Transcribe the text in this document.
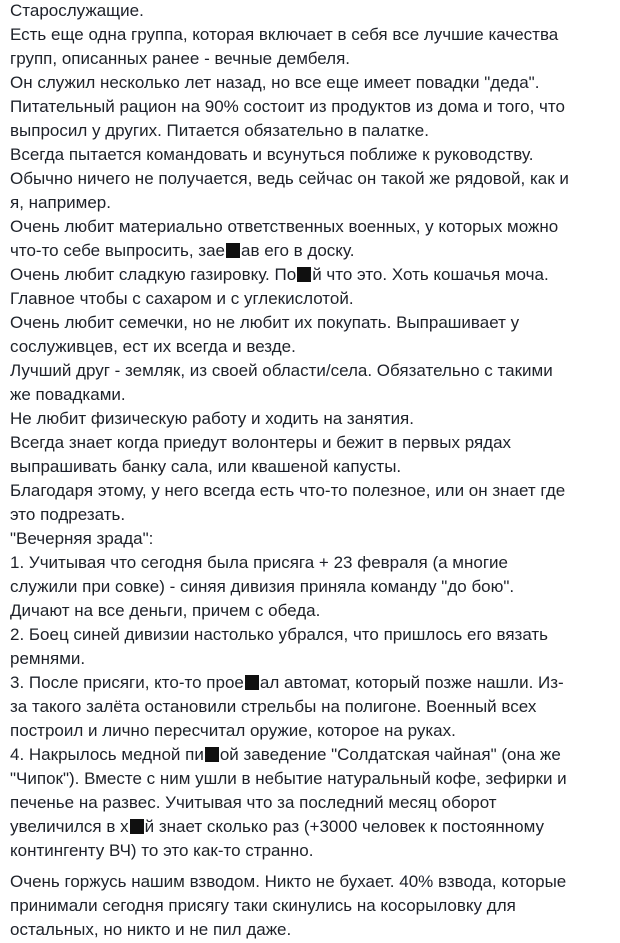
Старослужащие.
Есть еще одна группа, которая включает в себя все лучшие качества
групп, описанных ранее - вечные дембеля.
Он служил несколько лет назад, но все еще имеет повадки "деда".
Питательный рацион на 90% состоит из продуктов из дома и того, что
выпросил у других. Питается обязательно в палатке.
Всегда пытается командовать и всунуться поближе к руководству.
Обычно ничего не получается, ведь сейчас он такой же рядовой, как и
я, например.
Очень любит материально ответственных военных, у которых можно
что-то себе выпросить, зае ав его в доску.
Очень любит сладкую газировку. По й что это. Хоть кошачья моча.
Главное чтобы с сахаром и с углекислотой.
Очень любит семечки, но не любит их покупать. Выпрашивает у
сослуживцев, ест их всегда и везде.
Лучший друг - земляк, из своей области/села. Обязательно с такими
же повадками.
Не любит физическую работу и ходить на занятия.
Всегда знает когда приедут волонтеры и бежит в первых рядах
выпрашивать банку сала, или квашеной капусты.
Благодаря этому, у него всегда есть что-то полезное, или он знает где
это подрезать.
"Вечерняя зрада":
1. Учитывая что сегодня была присяга + 23 февраля (а многие
служили при совке) - синяя дивизия приняла команду "до бою".
Дичают на все деньги, причем с обеда.
2. Боец синей дивизии настолько убрался, что пришлось его вязать
ремнями.
3. После присяги, кто-то прое ал автомат, который позже нашли. Из-
за такого залёта остановили стрельбы на полигоне. Военный всех
построил и лично пересчитал оружие, которое на руках.
4. Накрылось медной пи ой заведение "Солдатская чайная" (она же
"Чипок"). Вместе с ним ушли в небытие натуральный кофе, зефирки и
печенье на развес. Учитывая что за последний месяц оборот
увеличился в х й знает сколько раз (+3000 человек к постоянному
контингенту ВЧ) то это как-то странно.
Очень горжусь нашим взводом. Никто не бухает. 40% взвода, которые
принимали сегодня присягу таки скинулись на косорыловку для
остальных, но никто и не пил даже.
